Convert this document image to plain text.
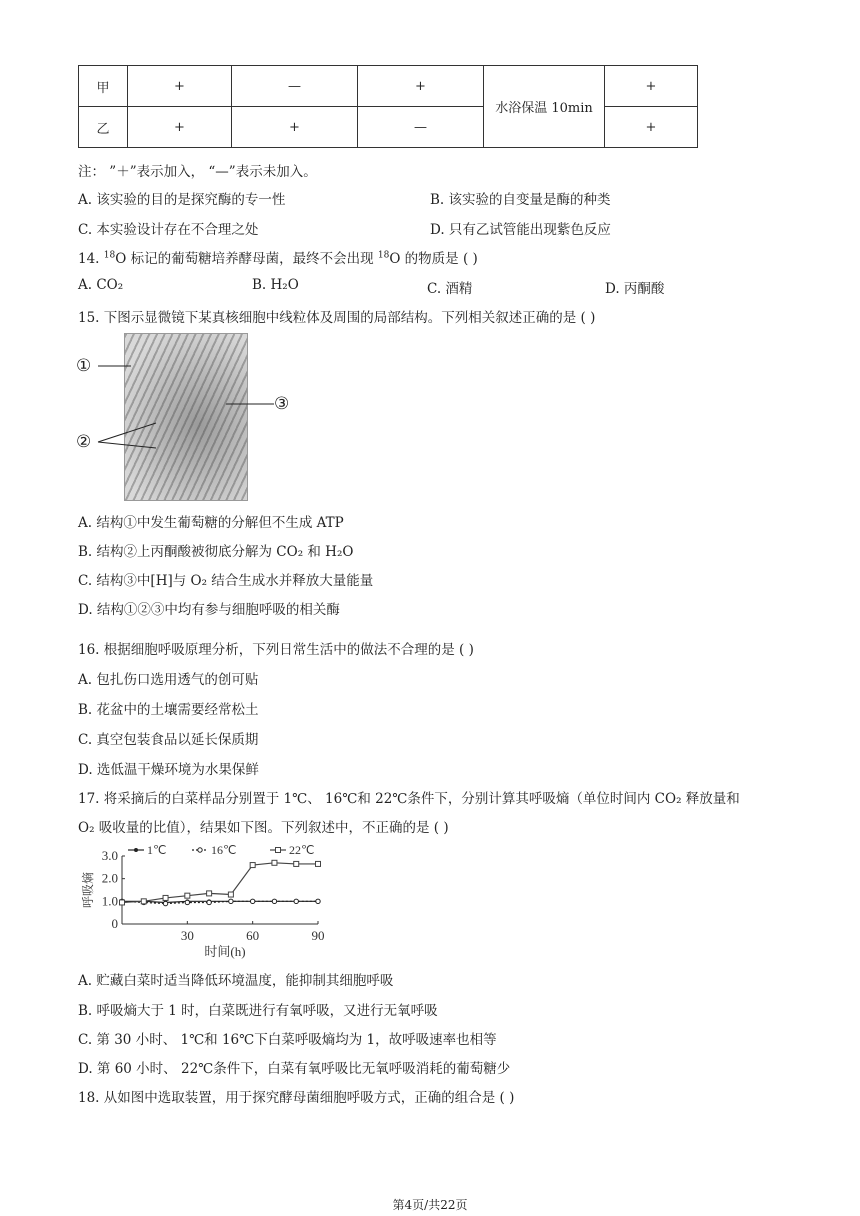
甲	+	—	+	水浴保温 10min	+
乙	+	+	—		+
注： ”＋”表示加入， “—”表示未加入。
A. 该实验的目的是探究酶的专一性	B. 该实验的自变量是酶的种类
C. 本实验设计存在不合理之处	D. 只有乙试管能出现紫色反应
14. $^{18}$O 标记的葡萄糖培养酵母菌，最终不会出现 $^{18}$O 的物质是 ( )
A. CO₂	B. H₂O	C. 酒精	D. 丙酮酸
15. 下图示显微镜下某真核细胞中线粒体及周围的局部结构。下列相关叙述正确的是 ( )
①
②
③
A. 结构①中发生葡萄糖的分解但不生成 ATP
B. 结构②上丙酮酸被彻底分解为 CO₂ 和 H₂O
C. 结构③中[H]与 O₂ 结合生成水并释放大量能量
D. 结构①②③中均有参与细胞呼吸的相关酶
16. 根据细胞呼吸原理分析，下列日常生活中的做法不合理的是 ( )
A. 包扎伤口选用透气的创可贴
B. 花盆中的土壤需要经常松土
C. 真空包装食品以延长保质期
D. 选低温干燥环境为水果保鲜
17. 将采摘后的白菜样品分别置于 1℃、 16℃和 22℃条件下，分别计算其呼吸熵（单位时间内 CO₂ 释放量和
O₂ 吸收量的比值），结果如下图。下列叙述中，不正确的是 ( )
0
1.0
2.0
3.0
30	60	90
时间(h)
呼吸熵
1℃	16℃	22℃
A. 贮藏白菜时适当降低环境温度，能抑制其细胞呼吸
B. 呼吸熵大于 1 时，白菜既进行有氧呼吸，又进行无氧呼吸
C. 第 30 小时、 1℃和 16℃下白菜呼吸熵均为 1，故呼吸速率也相等
D. 第 60 小时、 22℃条件下，白菜有氧呼吸比无氧呼吸消耗的葡萄糖少
18. 从如图中选取装置，用于探究酵母菌细胞呼吸方式，正确的组合是 ( )
第4页/共22页
